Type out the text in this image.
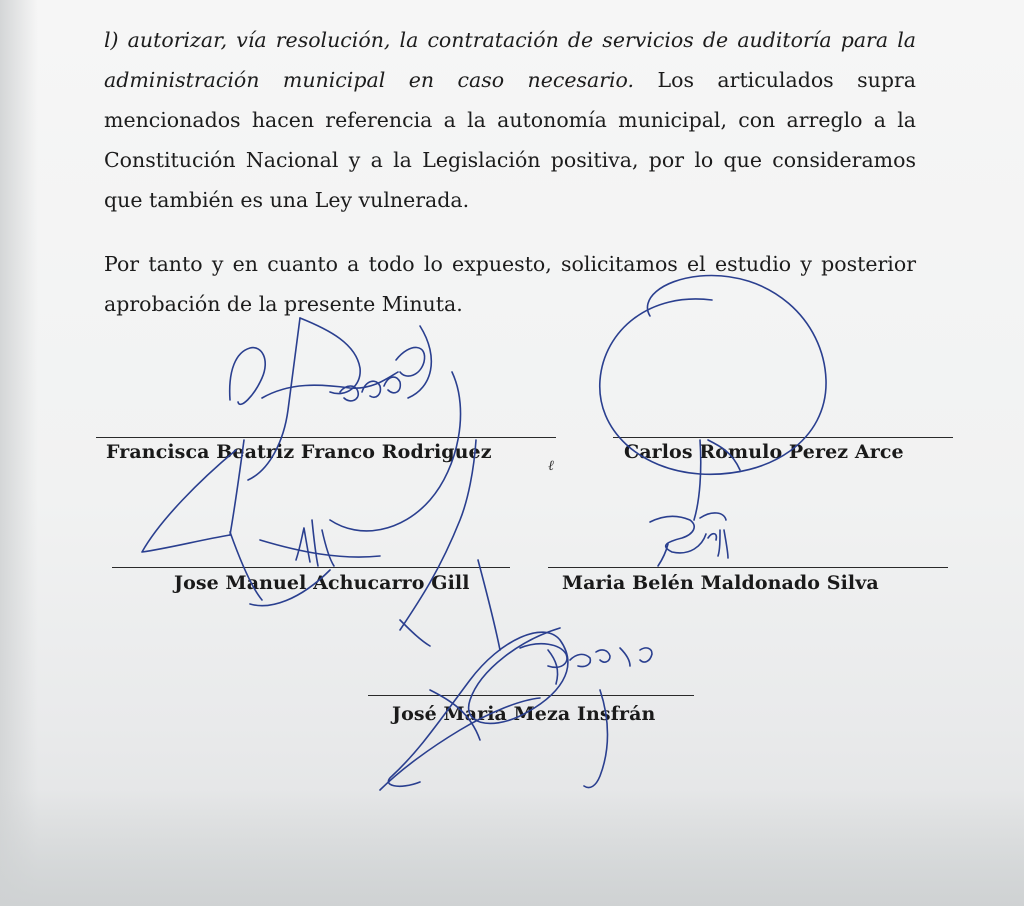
l) autorizar, vía resolución, la contratación de servicios de auditoría para la administración municipal en caso necesario. Los articulados supra mencionados hacen referencia a la autonomía municipal, con arreglo a la Constitución Nacional y a la Legislación positiva, por lo que consideramos que también es una Ley vulnerada.

Por tanto y en cuanto a todo lo expuesto, solicitamos el estudio y posterior aprobación de la presente Minuta.

Francisca Beatriz Franco Rodriguez	Carlos Romulo Perez Arce
Jose Manuel Achucarro Gill	Maria Belén Maldonado Silva
José Maria Meza Insfrán
ℓ
